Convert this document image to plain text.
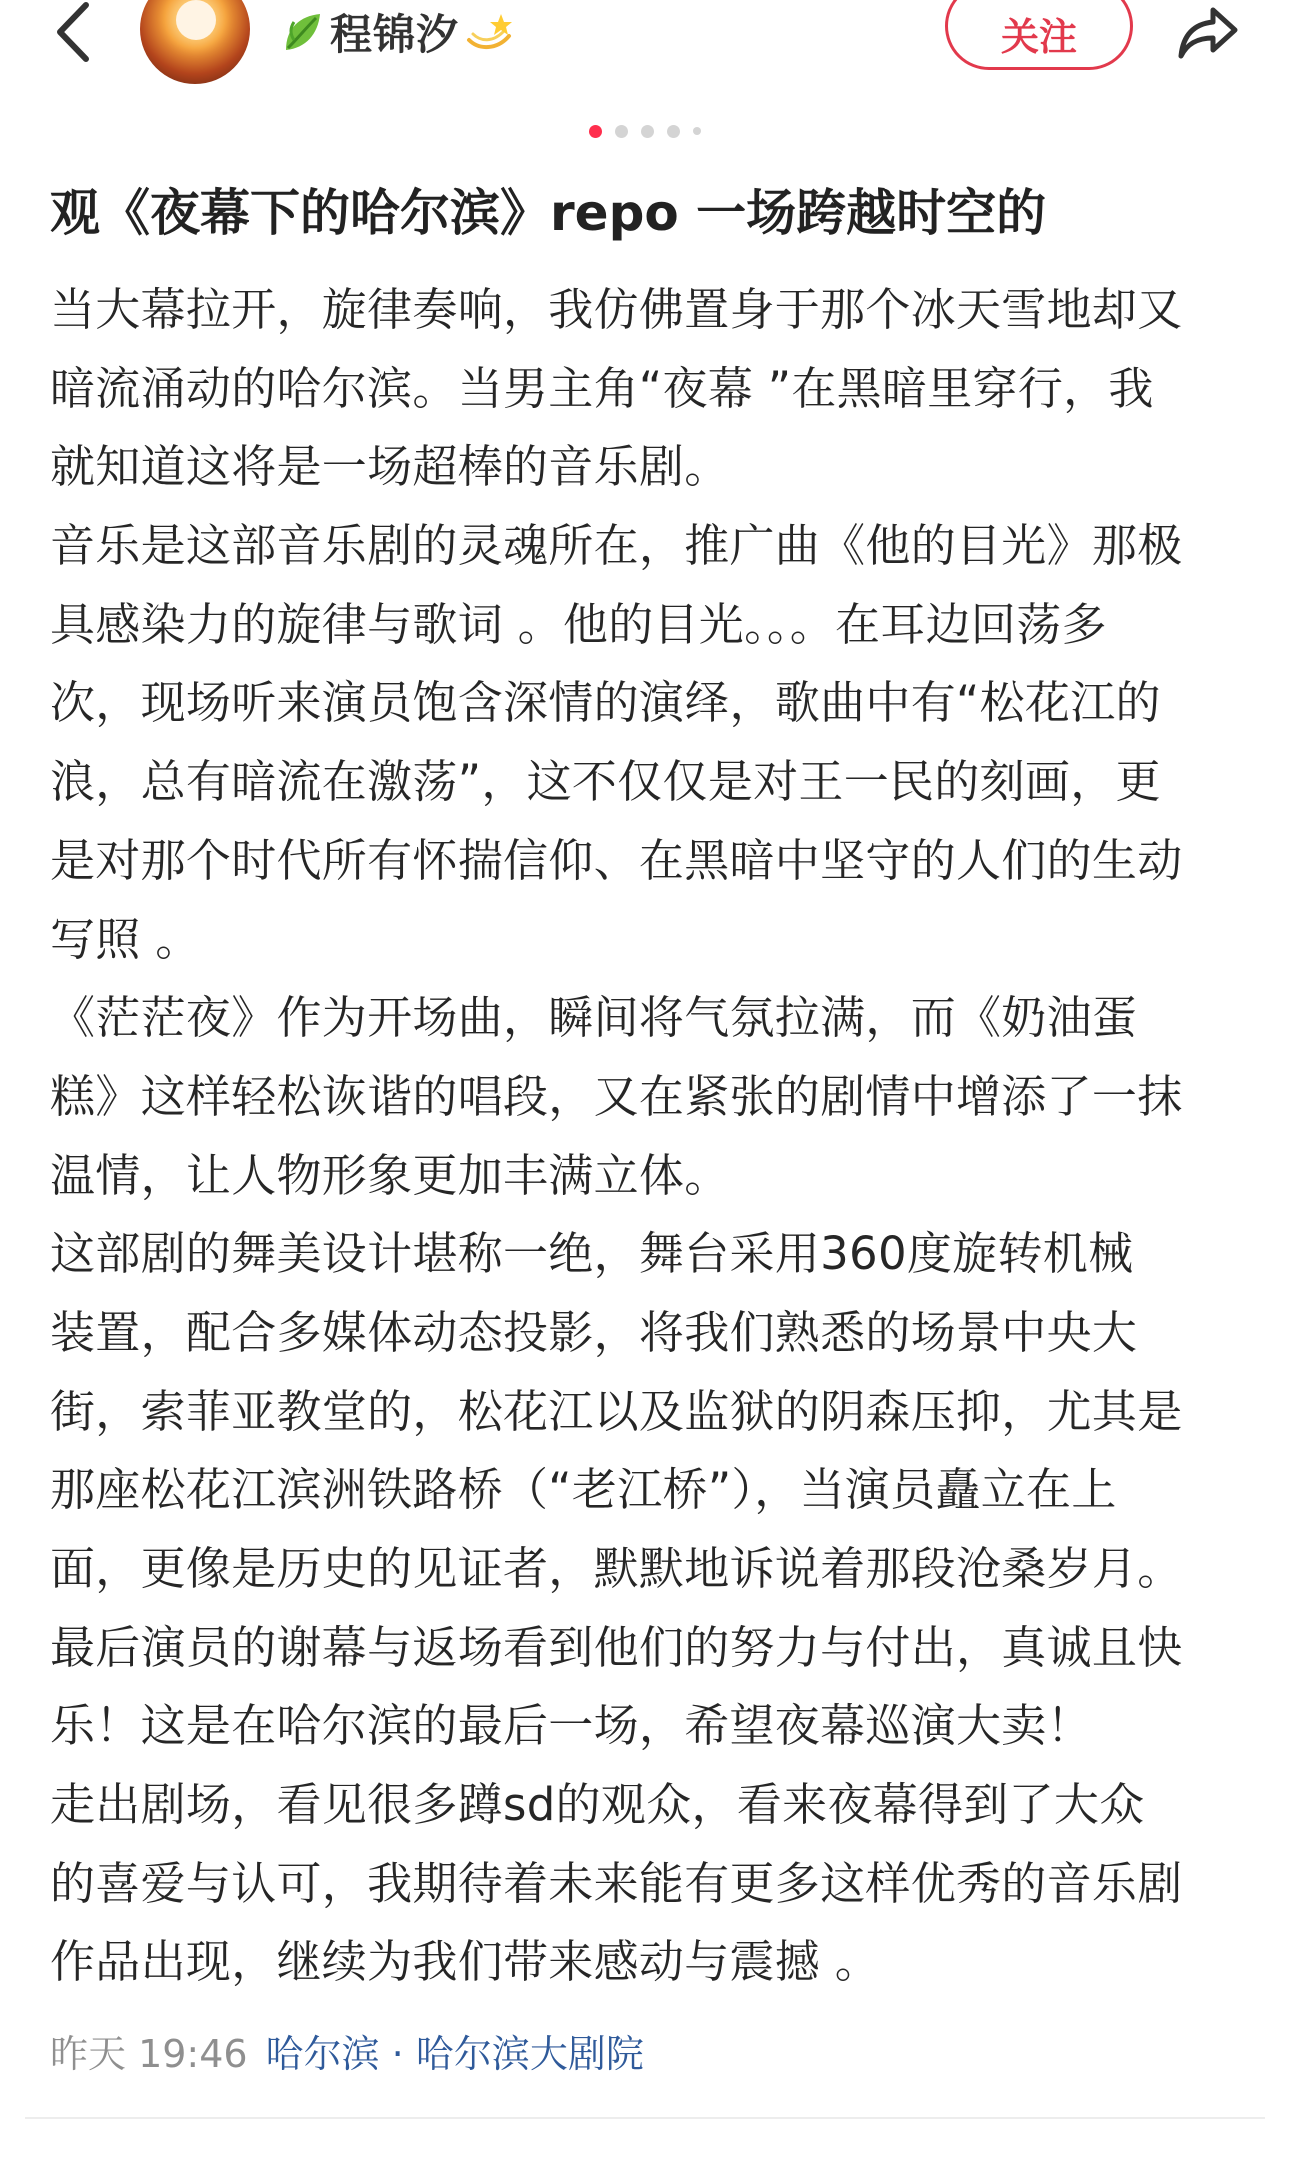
程锦汐	关注
观《夜幕下的哈尔滨》repo 一场跨越时空的
当大幕拉开，旋律奏响，我仿佛置身于那个冰天雪地却又
暗流涌动的哈尔滨。当男主角“夜幕 ”在黑暗里穿行，我
就知道这将是一场超棒的音乐剧。
音乐是这部音乐剧的灵魂所在，推广曲《他的目光》那极
具感染力的旋律与歌词 。他的目光。。。在耳边回荡多
次，现场听来演员饱含深情的演绎，歌曲中有“松花江的
浪，总有暗流在激荡”，这不仅仅是对王一民的刻画，更
是对那个时代所有怀揣信仰、在黑暗中坚守的人们的生动
写照 。
《茫茫夜》作为开场曲，瞬间将气氛拉满，而《奶油蛋
糕》这样轻松诙谐的唱段，又在紧张的剧情中增添了一抹
温情，让人物形象更加丰满立体。
这部剧的舞美设计堪称一绝，舞台采用360度旋转机械
装置，配合多媒体动态投影，将我们熟悉的场景中央大
街，索菲亚教堂的，松花江以及监狱的阴森压抑，尤其是
那座松花江滨洲铁路桥（“老江桥”），当演员矗立在上
面，更像是历史的见证者，默默地诉说着那段沧桑岁月。
最后演员的谢幕与返场看到他们的努力与付出，真诚且快
乐！这是在哈尔滨的最后一场，希望夜幕巡演大卖！
走出剧场，看见很多蹲sd的观众，看来夜幕得到了大众
的喜爱与认可，我期待着未来能有更多这样优秀的音乐剧
作品出现，继续为我们带来感动与震撼 。
昨天 19:46 哈尔滨 · 哈尔滨大剧院
